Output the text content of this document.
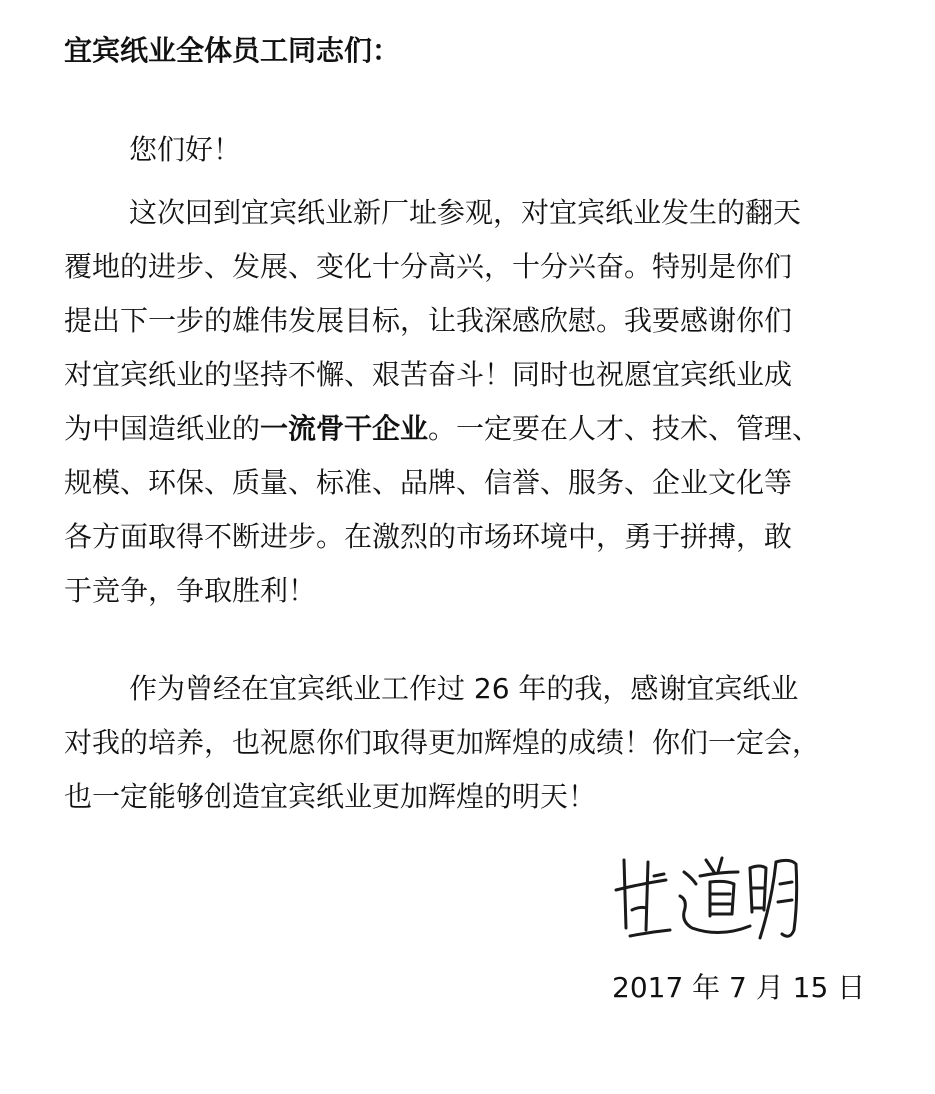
宜宾纸业全体员工同志们：
您们好！
这次回到宜宾纸业新厂址参观，对宜宾纸业发生的翻天
覆地的进步、发展、变化十分高兴，十分兴奋。特别是你们
提出下一步的雄伟发展目标，让我深感欣慰。我要感谢你们
对宜宾纸业的坚持不懈、艰苦奋斗！同时也祝愿宜宾纸业成
为中国造纸业的一流骨干企业。一定要在人才、技术、管理、
规模、环保、质量、标准、品牌、信誉、服务、企业文化等
各方面取得不断进步。在激烈的市场环境中，勇于拼搏，敢
于竞争，争取胜利！
作为曾经在宜宾纸业工作过 26 年的我，感谢宜宾纸业
对我的培养，也祝愿你们取得更加辉煌的成绩！你们一定会，
也一定能够创造宜宾纸业更加辉煌的明天！
2017 年 7 月 15 日
